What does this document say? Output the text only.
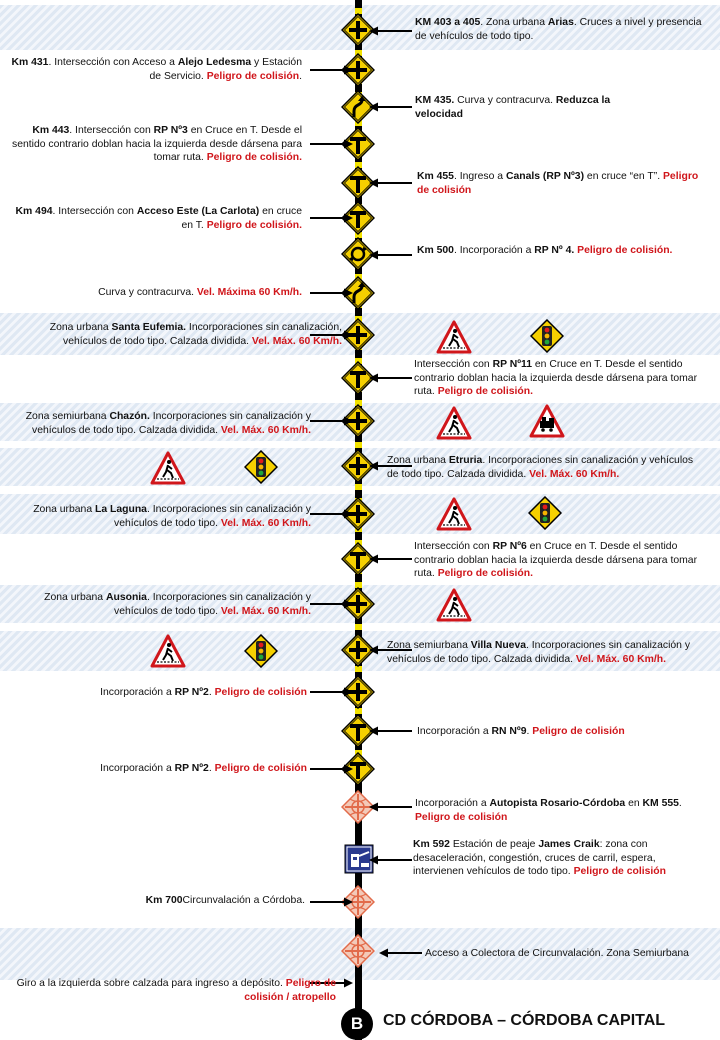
KM 403 a 405. Zona urbana Arias. Cruces a nivel y presencia de vehículos de todo tipo.
Km 431. Intersección con Acceso a Alejo Ledesma y Estación de Servicio. Peligro de colisión.
KM 435. Curva y contracurva. Reduzca la velocidad
Km 443. Intersección con RP Nº3 en Cruce en T. Desde el sentido contrario doblan hacia la izquierda desde dársena para tomar ruta. Peligro de colisión.
Km 455. Ingreso a Canals (RP Nº3) en cruce “en T”. Peligro de colisión
Km 494. Intersección con Acceso Este (La Carlota) en cruce en T. Peligro de colisión.
Km 500. Incorporación a RP Nº 4. Peligro de colisión.
Curva y contracurva. Vel. Máxima 60 Km/h.
Zona urbana Santa Eufemia. Incorporaciones sin canalización, vehículos de todo tipo. Calzada dividida. Vel. Máx. 60 Km/h.
Intersección con RP Nº11 en Cruce en T. Desde el sentido contrario doblan hacia la izquierda desde dársena para tomar ruta. Peligro de colisión.
Zona semiurbana Chazón. Incorporaciones sin canalización y vehículos de todo tipo. Calzada dividida. Vel. Máx. 60 Km/h.
Zona urbana Etruria. Incorporaciones sin canalización y vehículos de todo tipo. Calzada dividida. Vel. Máx. 60 Km/h.
Zona urbana La Laguna. Incorporaciones sin canalización y vehículos de todo tipo. Vel. Máx. 60 Km/h.
Intersección con RP Nº6 en Cruce en T. Desde el sentido contrario doblan hacia la izquierda desde dársena para tomar ruta. Peligro de colisión.
Zona urbana Ausonia. Incorporaciones sin canalización y vehículos de todo tipo. Vel. Máx. 60 Km/h.
Zona semiurbana Villa Nueva. Incorporaciones sin canalización y vehículos de todo tipo. Calzada dividida. Vel. Máx. 60 Km/h.
Incorporación a RP Nº2. Peligro de colisión
Incorporación a RN Nº9. Peligro de colisión
Incorporación a RP Nº2. Peligro de colisión
Incorporación a Autopista Rosario-Córdoba en KM 555. Peligro de colisión
Km 592 Estación de peaje James Craik: zona con desaceleración, congestión, cruces de carril, espera, intervienen vehículos de todo tipo. Peligro de colisión
Km 700Circunvalación a Córdoba.
Acceso a Colectora de Circunvalación. Zona Semiurbana
Giro a la izquierda sobre calzada para ingreso a depósito. Peligro de colisión / atropello
B	CD CÓRDOBA – CÓRDOBA CAPITAL
